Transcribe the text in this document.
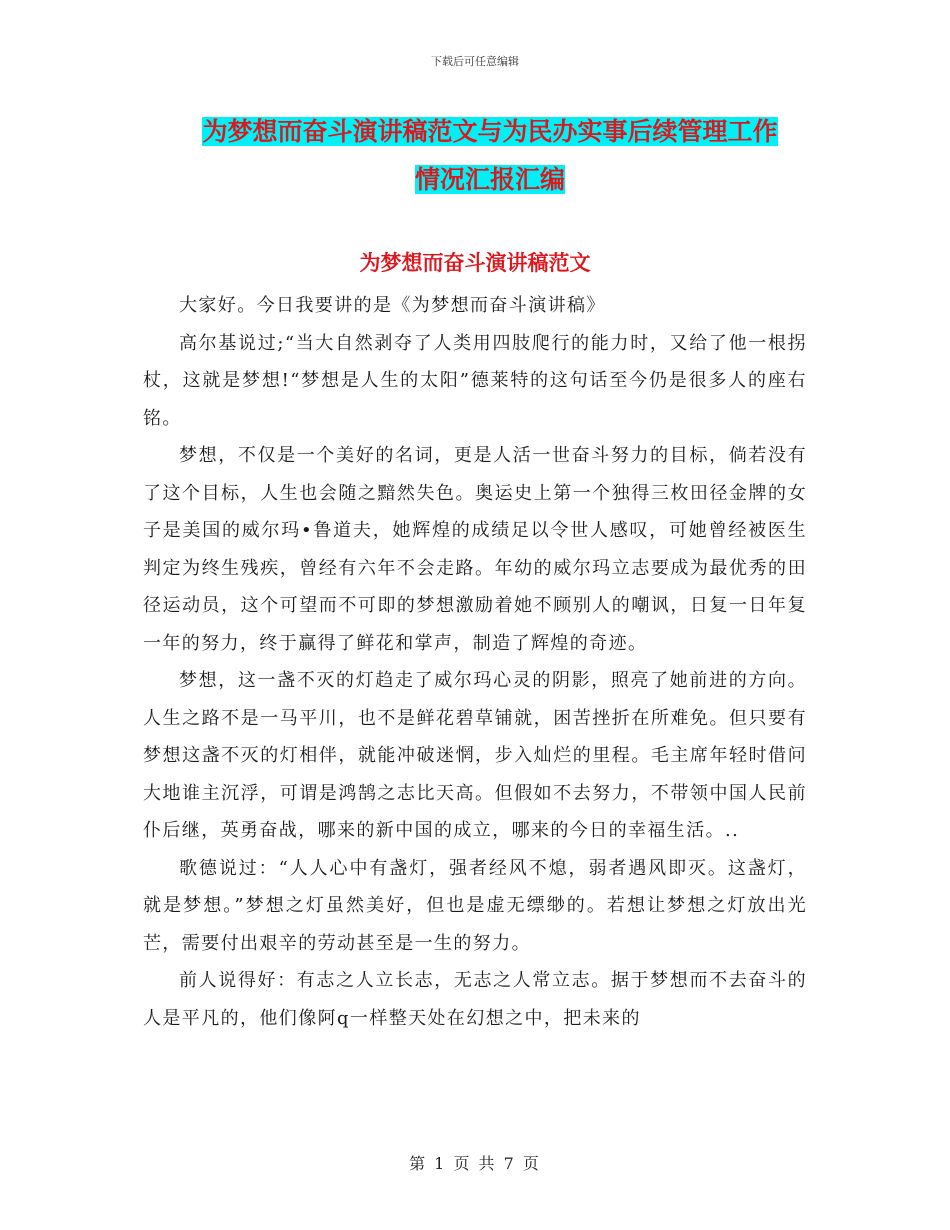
下载后可任意编辑
为梦想而奋斗演讲稿范文与为民办实事后续管理工作
情况汇报汇编
为梦想而奋斗演讲稿范文

大家好。今日我要讲的是《为梦想而奋斗演讲稿》

高尔基说过;“当大自然剥夺了人类用四肢爬行的能力时，又给了他一根拐杖，这就是梦想!“梦想是人生的太阳”德莱特的这句话至今仍是很多人的座右铭。

梦想，不仅是一个美好的名词，更是人活一世奋斗努力的目标，倘若没有了这个目标，人生也会随之黯然失色。奥运史上第一个独得三枚田径金牌的女子是美国的威尔玛•鲁道夫，她辉煌的成绩足以令世人感叹，可她曾经被医生判定为终生残疾，曾经有六年不会走路。年幼的威尔玛立志要成为最优秀的田径运动员，这个可望而不可即的梦想激励着她不顾别人的嘲讽，日复一日年复一年的努力，终于赢得了鲜花和掌声，制造了辉煌的奇迹。

梦想，这一盏不灭的灯趋走了威尔玛心灵的阴影，照亮了她前进的方向。人生之路不是一马平川，也不是鲜花碧草铺就，困苦挫折在所难免。但只要有梦想这盏不灭的灯相伴，就能冲破迷惘，步入灿烂的里程。毛主席年轻时借问大地谁主沉浮，可谓是鸿鹄之志比天高。但假如不去努力，不带领中国人民前仆后继，英勇奋战，哪来的新中国的成立，哪来的今日的幸福生活。..

歌德说过：“人人心中有盏灯，强者经风不熄，弱者遇风即灭。这盏灯，就是梦想。”梦想之灯虽然美好，但也是虚无缥缈的。若想让梦想之灯放出光芒，需要付出艰辛的劳动甚至是一生的努力。

前人说得好：有志之人立长志，无志之人常立志。据于梦想而不去奋斗的人是平凡的，他们像阿q一样整天处在幻想之中，把未来的

第 1 页 共 7 页
